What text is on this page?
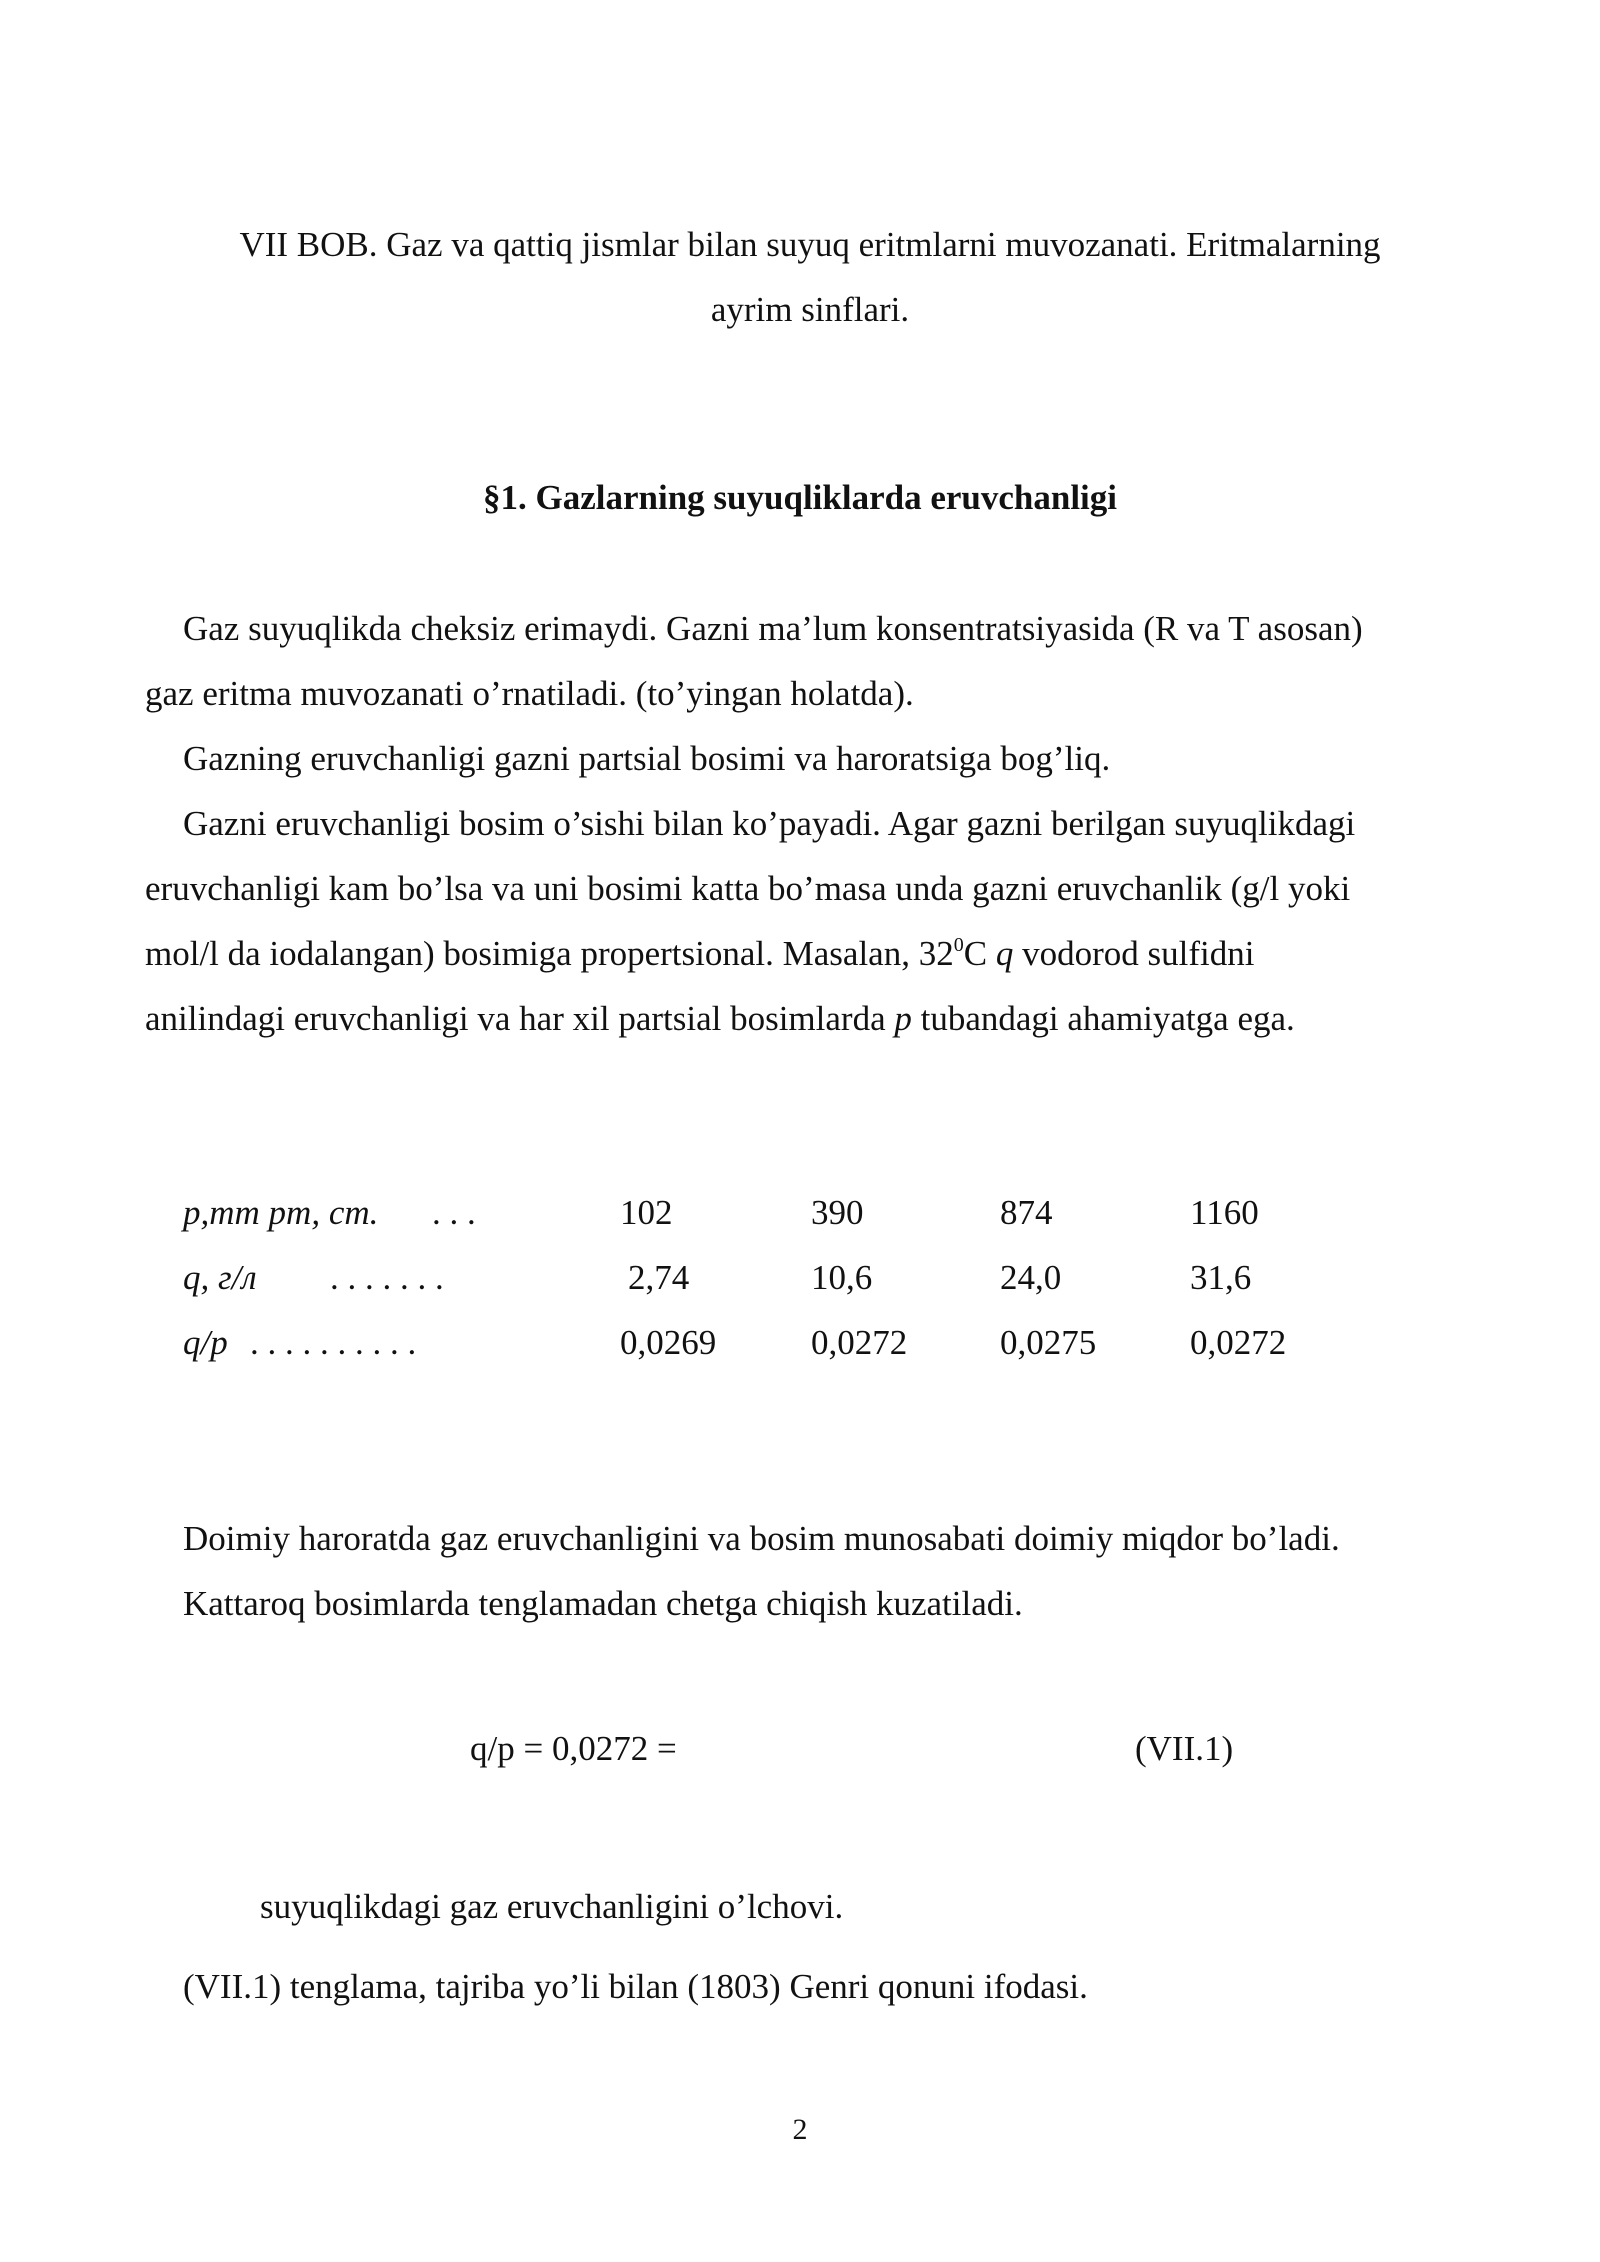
VII BOB. Gaz va qattiq jismlar bilan suyuq eritmlarni muvozanati. Eritmalarning
ayrim sinflari.
§1. Gazlarning suyuqliklarda eruvchanligi
Gaz suyuqlikda cheksiz erimaydi. Gazni ma’lum konsentratsiyasida (R va T asosan)
gaz eritma muvozanati o’rnatiladi. (to’yingan holatda).
Gazning eruvchanligi gazni partsial bosimi va haroratsiga bog’liq.
Gazni eruvchanligi bosim o’sishi bilan ko’payadi. Agar gazni berilgan suyuqlikdagi
eruvchanligi kam bo’lsa va uni bosimi katta bo’masa unda gazni eruvchanlik (g/l yoki
mol/l da iodalangan) bosimiga propertsional. Masalan, $32^0C$ q vodorod sulfidni
anilindagi eruvchanligi va har xil partsial bosimlarda p tubandagi ahamiyatga ega.
p,mm pm, cm. . . .	102	390	874	1160
q, г/л . . . . . . .	2,74	10,6	24,0	31,6
q/p . . . . . . . . . .	0,0269	0,0272	0,0275	0,0272
Doimiy haroratda gaz eruvchanligini va bosim munosabati doimiy miqdor bo’ladi.
Kattaroq bosimlarda tenglamadan chetga chiqish kuzatiladi.
q/p = 0,0272 =	(VII.1)
suyuqlikdagi gaz eruvchanligini o’lchovi.
(VII.1) tenglama, tajriba yo’li bilan (1803) Genri qonuni ifodasi.
2
